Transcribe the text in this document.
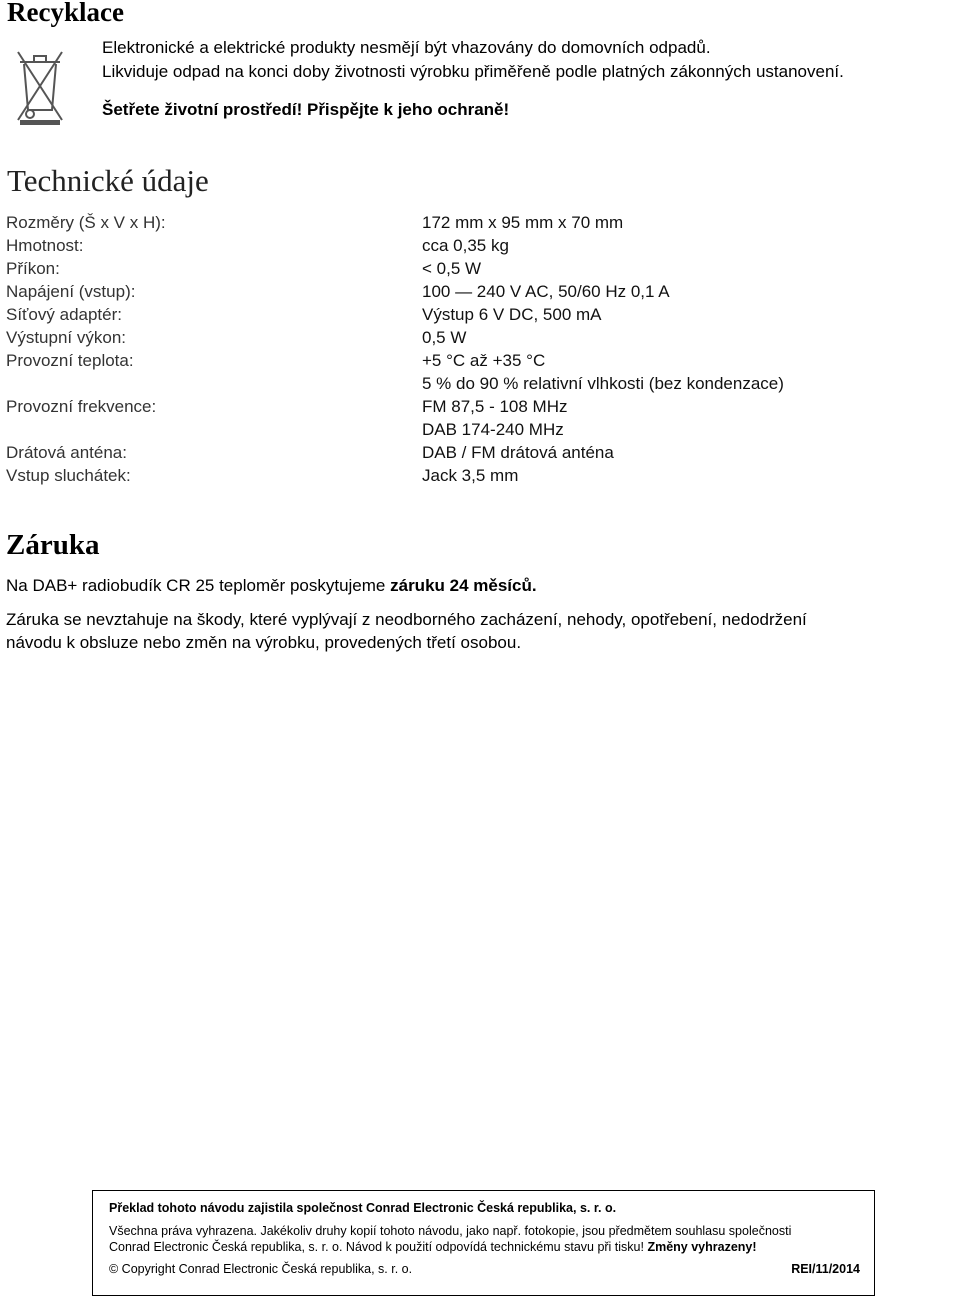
Recyklace
Elektronické a elektrické produkty nesmějí být vhazovány do domovních odpadů.
Likviduje odpad na konci doby životnosti výrobku přiměřeně podle platných zákonných ustanovení.
Šetřete životní prostředí! Přispějte k jeho ochraně!
Technické údaje
Rozměry (Š x V x H):	172 mm x 95 mm x 70 mm
Hmotnost:	cca 0,35 kg
Příkon:	< 0,5 W
Napájení (vstup):	100 — 240 V AC, 50/60 Hz 0,1 A
Síťový adaptér:	Výstup 6 V DC, 500 mA
Výstupní výkon:	0,5 W
Provozní teplota:	+5 °C až +35 °C
5 % do 90 % relativní vlhkosti (bez kondenzace)
Provozní frekvence:	FM 87,5 - 108 MHz
DAB 174-240 MHz
Drátová anténa:	DAB / FM drátová anténa
Vstup sluchátek:	Jack 3,5 mm
Záruka
Na DAB+ radiobudík CR 25 teploměr poskytujeme záruku 24 měsíců.
Záruka se nevztahuje na škody, které vyplývají z neodborného zacházení, nehody, opotřebení, nedodržení
návodu k obsluze nebo změn na výrobku, provedených třetí osobou.
Překlad tohoto návodu zajistila společnost Conrad Electronic Česká republika, s. r. o.
Všechna práva vyhrazena. Jakékoliv druhy kopií tohoto návodu, jako např. fotokopie, jsou předmětem souhlasu společnosti
Conrad Electronic Česká republika, s. r. o. Návod k použití odpovídá technickému stavu při tisku! Změny vyhrazeny!
© Copyright Conrad Electronic Česká republika, s. r. o.	REI/11/2014
